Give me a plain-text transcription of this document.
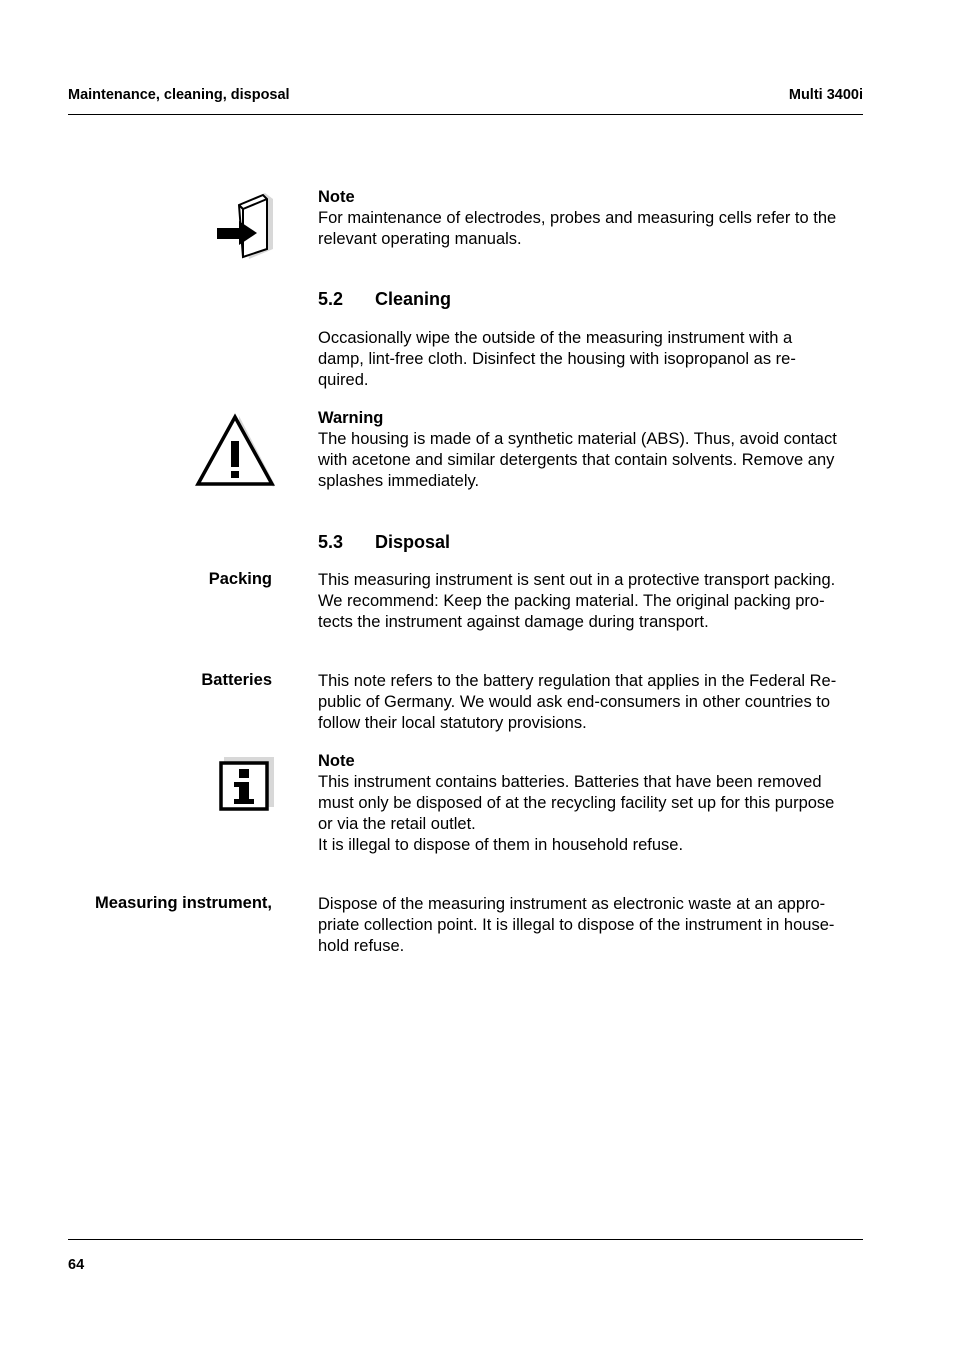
Maintenance, cleaning, disposal	Multi 3400i
Note
For maintenance of electrodes, probes and measuring cells refer to the
relevant operating manuals.
5.2 Cleaning
Occasionally wipe the outside of the measuring instrument with a
damp, lint-free cloth. Disinfect the housing with isopropanol as re-
quired.
Warning
The housing is made of a synthetic material (ABS). Thus, avoid contact
with acetone and similar detergents that contain solvents. Remove any
splashes immediately.
5.3 Disposal
Packing	This measuring instrument is sent out in a protective transport packing.
We recommend: Keep the packing material. The original packing pro-
tects the instrument against damage during transport.
Batteries	This note refers to the battery regulation that applies in the Federal Re-
public of Germany. We would ask end-consumers in other countries to
follow their local statutory provisions.
Note
This instrument contains batteries. Batteries that have been removed
must only be disposed of at the recycling facility set up for this purpose
or via the retail outlet.
It is illegal to dispose of them in household refuse.
Measuring instrument,	Dispose of the measuring instrument as electronic waste at an appro-
priate collection point. It is illegal to dispose of the instrument in house-
hold refuse.
64
